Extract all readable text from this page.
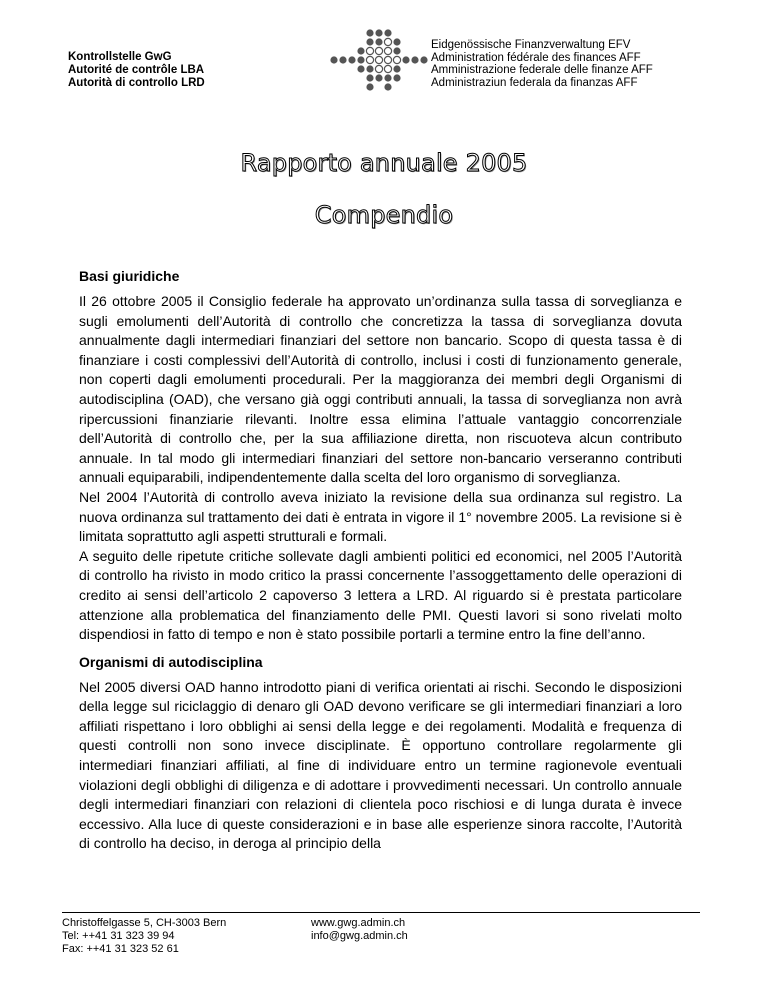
Kontrollstelle GwG
Autorité de contrôle LBA
Autorità di controllo LRD
Eidgenössische Finanzverwaltung EFV
Administration fédérale des finances AFF
Amministrazione federale delle finanze AFF
Administraziun federala da finanzas AFF
Rapporto annuale 2005
Compendio
Basi giuridiche

Il 26 ottobre 2005 il Consiglio federale ha approvato un’ordinanza sulla tassa di sorveglianza e sugli emolumenti dell’Autorità di controllo che concretizza la tassa di sorveglianza dovuta annualmente dagli intermediari finanziari del settore non bancario. Scopo di questa tassa è di finanziare i costi complessivi dell’Autorità di controllo, inclusi i costi di funzionamento generale, non coperti dagli emolumenti procedurali. Per la maggioranza dei membri degli Organismi di autodisciplina (OAD), che versano già oggi contributi annuali, la tassa di sorveglianza non avrà ripercussioni finanziarie rilevanti. Inoltre essa elimina l’attuale vantaggio concorrenziale dell’Autorità di controllo che, per la sua affiliazione diretta, non riscuoteva alcun contributo annuale. In tal modo gli intermediari finanziari del settore non-bancario verseranno contributi annuali equiparabili, indipendentemente dalla scelta del loro organismo di sorveglianza.

Nel 2004 l’Autorità di controllo aveva iniziato la revisione della sua ordinanza sul registro. La nuova ordinanza sul trattamento dei dati è entrata in vigore il 1° novembre 2005. La revisione si è limitata soprattutto agli aspetti strutturali e formali.

A seguito delle ripetute critiche sollevate dagli ambienti politici ed economici, nel 2005 l’Autorità di controllo ha rivisto in modo critico la prassi concernente l’assoggettamento delle operazioni di credito ai sensi dell’articolo 2 capoverso 3 lettera a LRD. Al riguardo si è prestata particolare attenzione alla problematica del finanziamento delle PMI. Questi lavori si sono rivelati molto dispendiosi in fatto di tempo e non è stato possibile portarli a termine entro la fine dell’anno.

Organismi di autodisciplina

Nel 2005 diversi OAD hanno introdotto piani di verifica orientati ai rischi. Secondo le disposizioni della legge sul riciclaggio di denaro gli OAD devono verificare se gli intermediari finanziari a loro affiliati rispettano i loro obblighi ai sensi della legge e dei regolamenti. Modalità e frequenza di questi controlli non sono invece disciplinate. È opportuno controllare regolarmente gli intermediari finanziari affiliati, al fine di individuare entro un termine ragionevole eventuali violazioni degli obblighi di diligenza e di adottare i provvedimenti necessari. Un controllo annuale degli intermediari finanziari con relazioni di clientela poco rischiosi e di lunga durata è invece eccessivo. Alla luce di queste considerazioni e in base alle esperienze sinora raccolte, l’Autorità di controllo ha deciso, in deroga al principio della

Christoffelgasse 5, CH-3003 Bern
Tel: ++41 31 323 39 94
Fax: ++41 31 323 52 61
www.gwg.admin.ch
info@gwg.admin.ch
